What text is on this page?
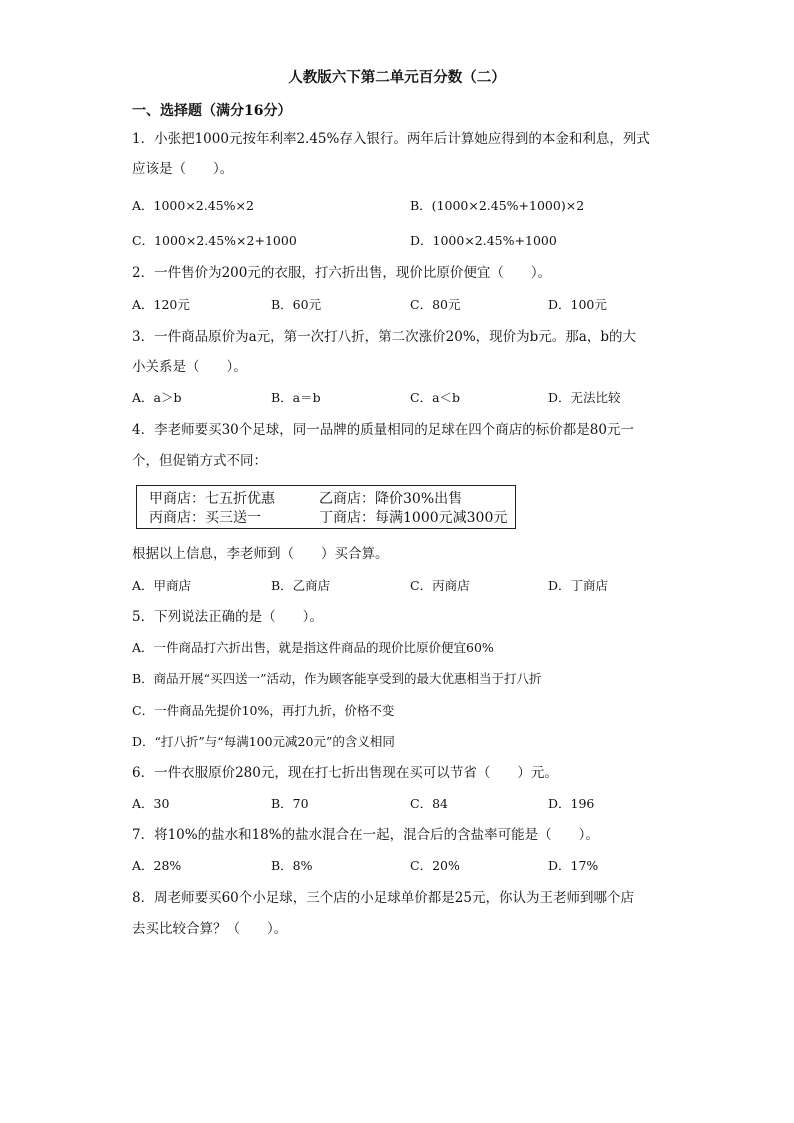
人教版六下第二单元百分数（二）
一、选择题（满分16分）
1．小张把1000元按年利率2.45%存入银行。两年后计算她应得到的本金和利息，列式
应该是（　　）。
A．1000×2.45%×2	B．(1000×2.45%+1000)×2
C．1000×2.45%×2+1000	D．1000×2.45%+1000
2．一件售价为200元的衣服，打六折出售，现价比原价便宜（　　）。
A．120元	B．60元	C．80元	D．100元
3．一件商品原价为a元，第一次打八折，第二次涨价20%，现价为b元。那a，b的大
小关系是（　　）。
A．a＞b	B．a＝b	C．a＜b	D．无法比较
4．李老师要买30个足球，同一品牌的质量相同的足球在四个商店的标价都是80元一
个，但促销方式不同：
甲商店：七五折优惠	乙商店：降价30%出售
丙商店：买三送一	丁商店：每满1000元减300元
根据以上信息，李老师到（　　）买合算。
A．甲商店	B．乙商店	C．丙商店	D．丁商店
5．下列说法正确的是（　　）。
A．一件商品打六折出售，就是指这件商品的现价比原价便宜60%
B．商品开展“买四送一”活动，作为顾客能享受到的最大优惠相当于打八折
C．一件商品先提价10%，再打九折，价格不变
D．“打八折”与“每满100元减20元”的含义相同
6．一件衣服原价280元，现在打七折出售现在买可以节省（　　）元。
A．30	B．70	C．84	D．196
7．将10%的盐水和18%的盐水混合在一起，混合后的含盐率可能是（　　）。
A．28%	B．8%	C．20%	D．17%
8．周老师要买60个小足球，三个店的小足球单价都是25元，你认为王老师到哪个店
去买比较合算？（　　）。
